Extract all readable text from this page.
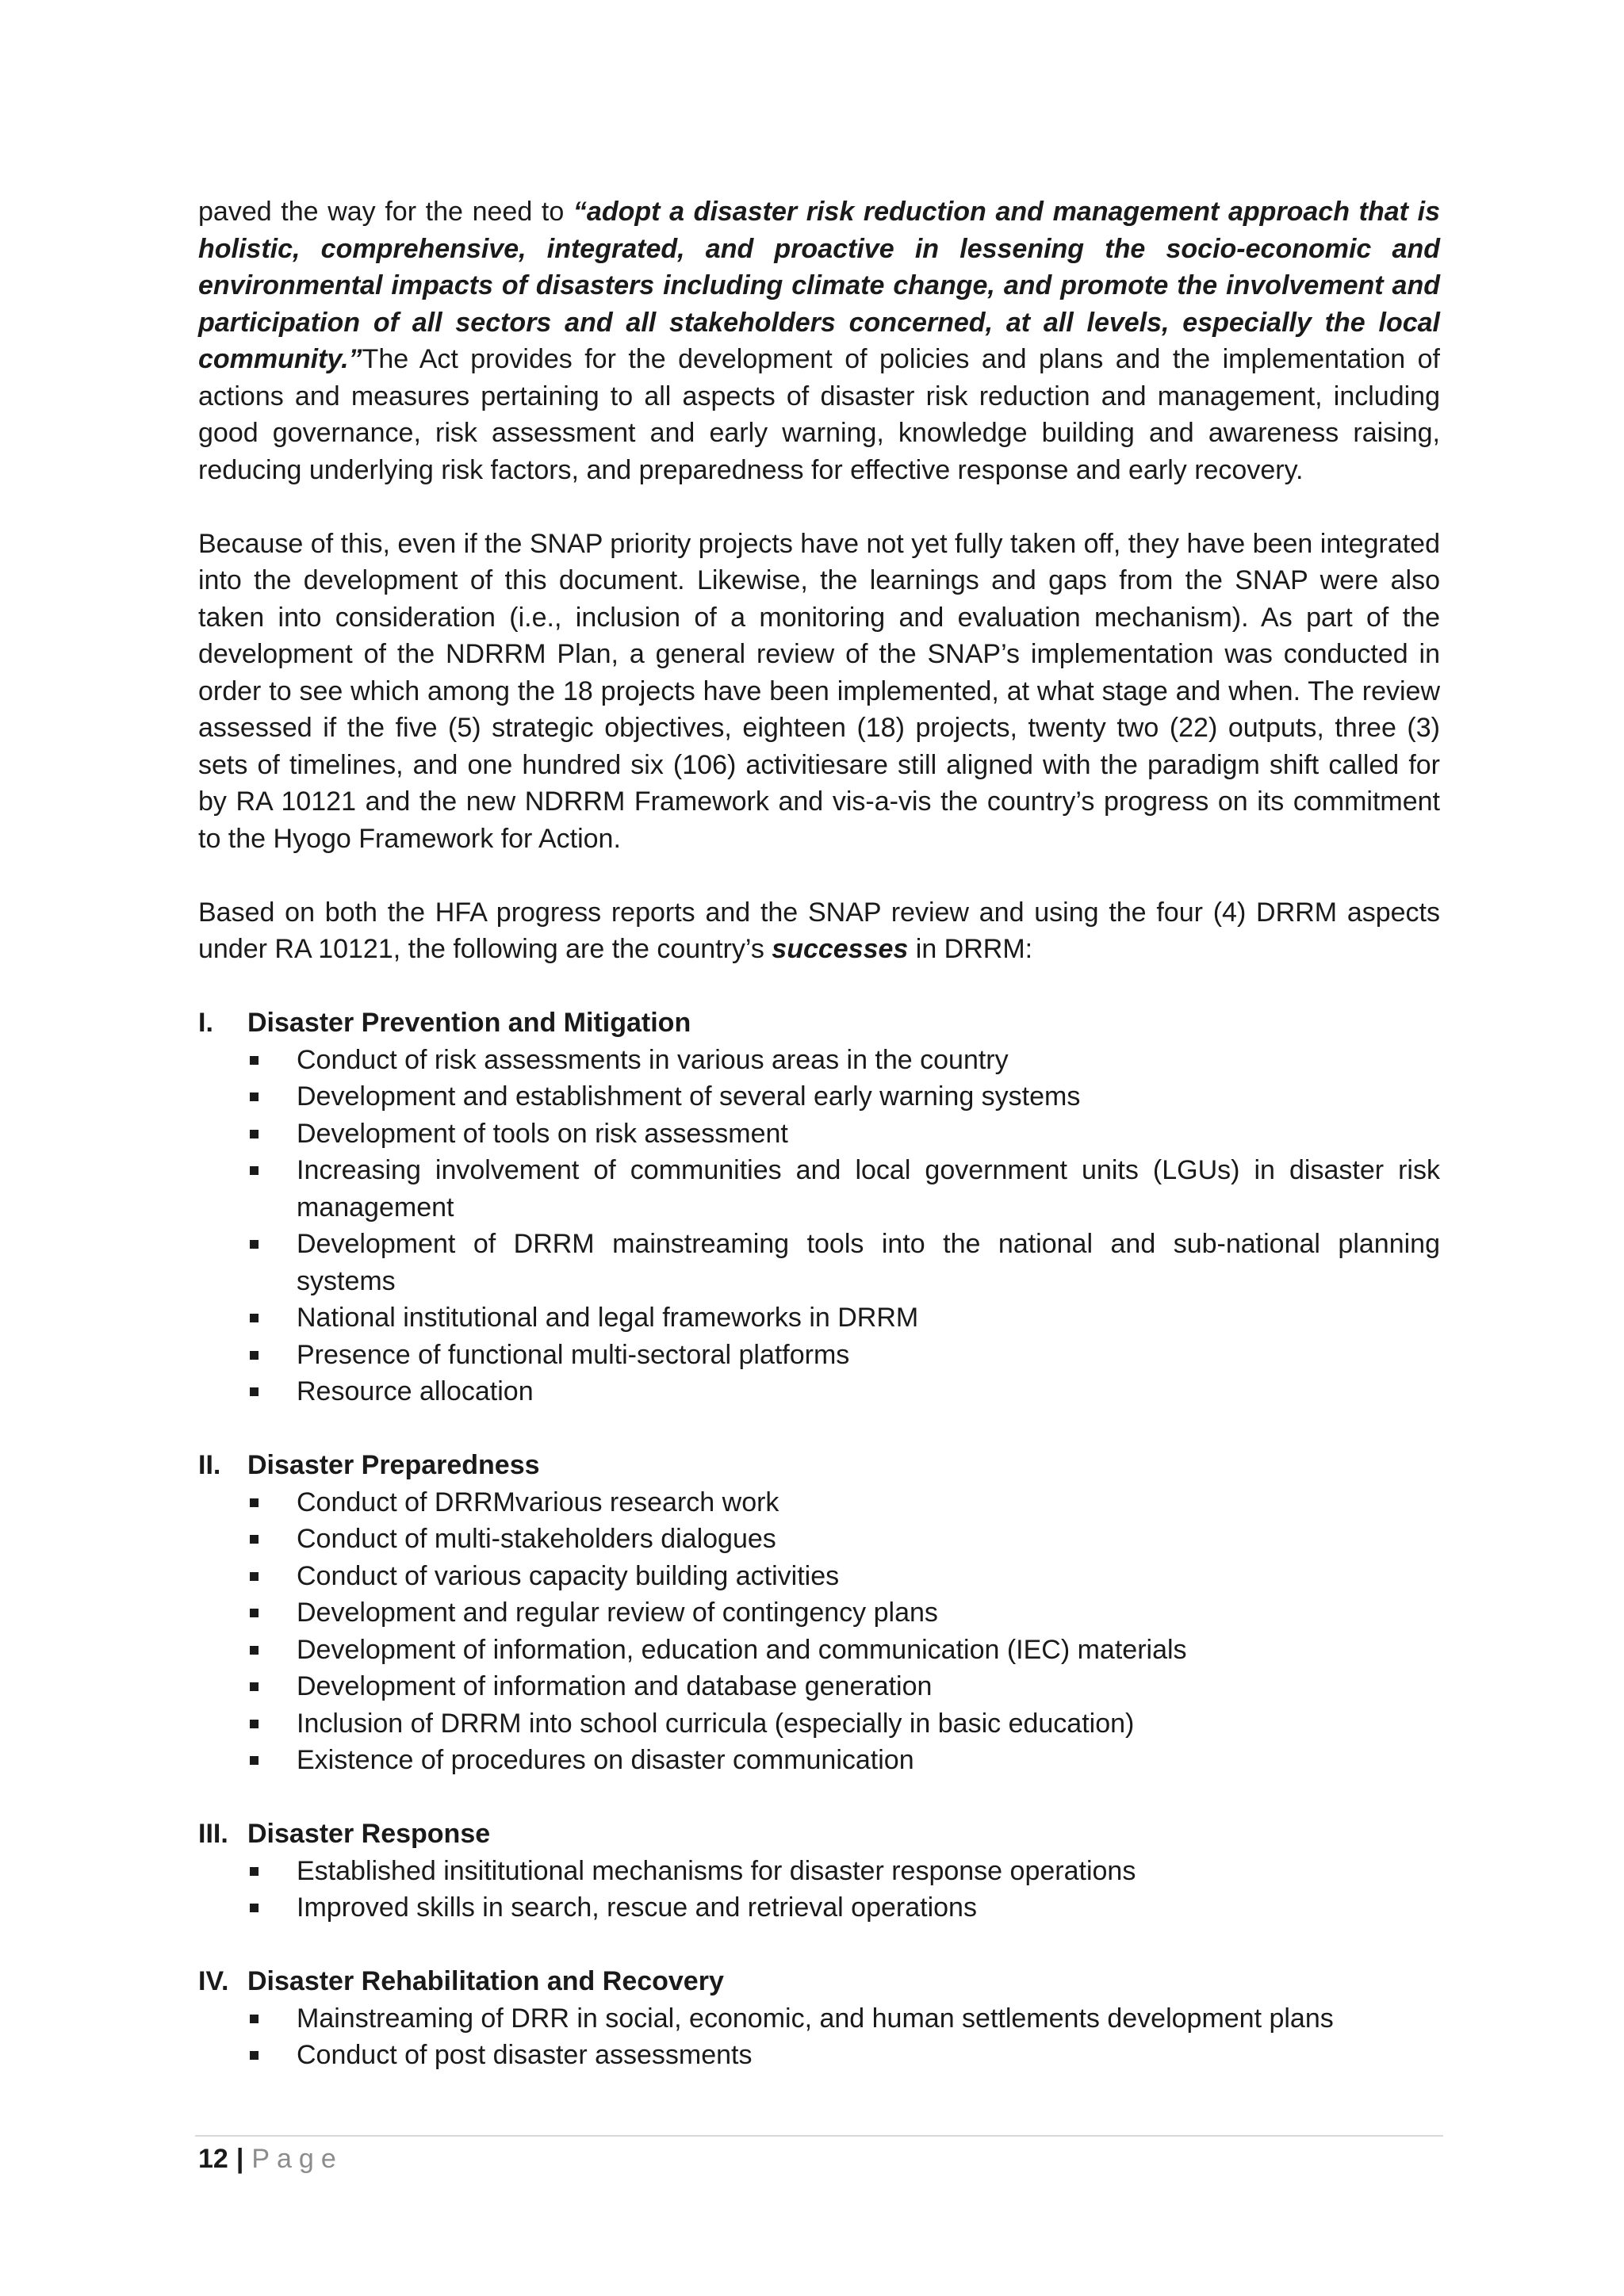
paved the way for the need to “adopt a disaster risk reduction and management approach that is holistic, comprehensive, integrated, and proactive in lessening the socio-economic and environmental impacts of disasters including climate change, and promote the involvement and participation of all sectors and all stakeholders concerned, at all levels, especially the local community.”The Act provides for the development of policies and plans and the implementation of actions and measures pertaining to all aspects of disaster risk reduction and management, including good governance, risk assessment and early warning, knowledge building and awareness raising, reducing underlying risk factors, and preparedness for effective response and early recovery.

Because of this, even if the SNAP priority projects have not yet fully taken off, they have been integrated into the development of this document. Likewise, the learnings and gaps from the SNAP were also taken into consideration (i.e., inclusion of a monitoring and evaluation mechanism). As part of the development of the NDRRM Plan, a general review of the SNAP’s implementation was conducted in order to see which among the 18 projects have been implemented, at what stage and when. The review assessed if the five (5) strategic objectives, eighteen (18) projects, twenty two (22) outputs, three (3) sets of timelines, and one hundred six (106) activitiesare still aligned with the paradigm shift called for by RA 10121 and the new NDRRM Framework and vis-a-vis the country’s progress on its commitment to the Hyogo Framework for Action.

Based on both the HFA progress reports and the SNAP review and using the four (4) DRRM aspects under RA 10121, the following are the country’s successes in DRRM:

I.	Disaster Prevention and Mitigation

Conduct of risk assessments in various areas in the country
Development and establishment of several early warning systems
Development of tools on risk assessment
Increasing involvement of communities and local government units (LGUs) in disaster risk management
Development of DRRM mainstreaming tools into the national and sub-national planning systems
National institutional and legal frameworks in DRRM
Presence of functional multi-sectoral platforms
Resource allocation

II. Disaster Preparedness

Conduct of DRRMvarious research work
Conduct of multi-stakeholders dialogues
Conduct of various capacity building activities
Development and regular review of contingency plans
Development of information, education and communication (IEC) materials
Development of information and database generation
Inclusion of DRRM into school curricula (especially in basic education)
Existence of procedures on disaster communication

III. Disaster Response

Established insititutional mechanisms for disaster response operations
Improved skills in search, rescue and retrieval operations

IV. Disaster Rehabilitation and Recovery

Mainstreaming of DRR in social, economic, and human settlements development plans
Conduct of post disaster assessments
12 | Page
